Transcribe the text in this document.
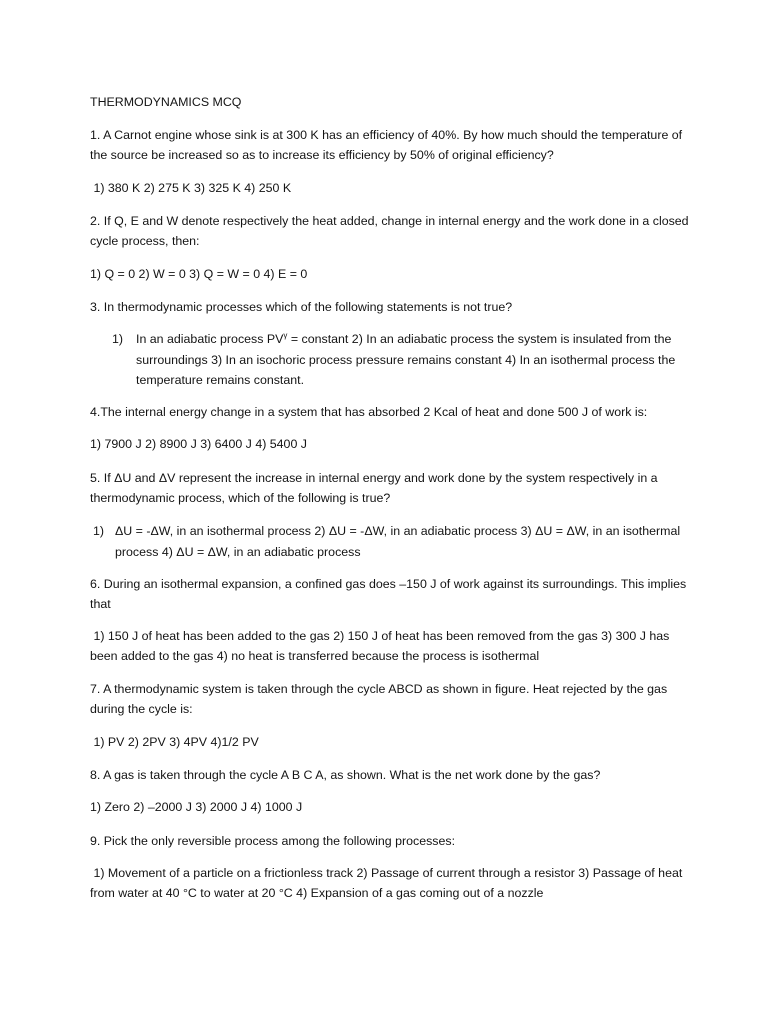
THERMODYNAMICS MCQ

1. A Carnot engine whose sink is at 300 K has an efficiency of 40%. By how much should the temperature of the source be increased so as to increase its efficiency by 50% of original efficiency?

1) 380 K 2) 275 K 3) 325 K 4) 250 K

2. If Q, E and W denote respectively the heat added, change in internal energy and the work done in a closed cycle process, then:

1) Q = 0 2) W = 0 3) Q = W = 0 4) E = 0

3. In thermodynamic processes which of the following statements is not true?

1) In an adiabatic process $PV^\gamma$ = constant 2) In an adiabatic process the system is insulated from the surroundings 3) In an isochoric process pressure remains constant 4) In an isothermal process the temperature remains constant.

4.The internal energy change in a system that has absorbed 2 Kcal of heat and done 500 J of work is:

1) 7900 J 2) 8900 J 3) 6400 J 4) 5400 J

5. If ΔU and ΔV represent the increase in internal energy and work done by the system respectively in a thermodynamic process, which of the following is true?

1) ΔU = -ΔW, in an isothermal process 2) ΔU = -ΔW, in an adiabatic process 3) ΔU = ΔW, in an isothermal process 4) ΔU = ΔW, in an adiabatic process

6. During an isothermal expansion, a confined gas does –150 J of work against its surroundings. This implies that

1) 150 J of heat has been added to the gas 2) 150 J of heat has been removed from the gas 3) 300 J has been added to the gas 4) no heat is transferred because the process is isothermal

7. A thermodynamic system is taken through the cycle ABCD as shown in figure. Heat rejected by the gas during the cycle is:

1) PV 2) 2PV 3) 4PV 4)1/2 PV

8. A gas is taken through the cycle A B C A, as shown. What is the net work done by the gas?

1) Zero 2) –2000 J 3) 2000 J 4) 1000 J

9. Pick the only reversible process among the following processes:

1) Movement of a particle on a frictionless track 2) Passage of current through a resistor 3) Passage of heat from water at 40 °C to water at 20 °C 4) Expansion of a gas coming out of a nozzle
